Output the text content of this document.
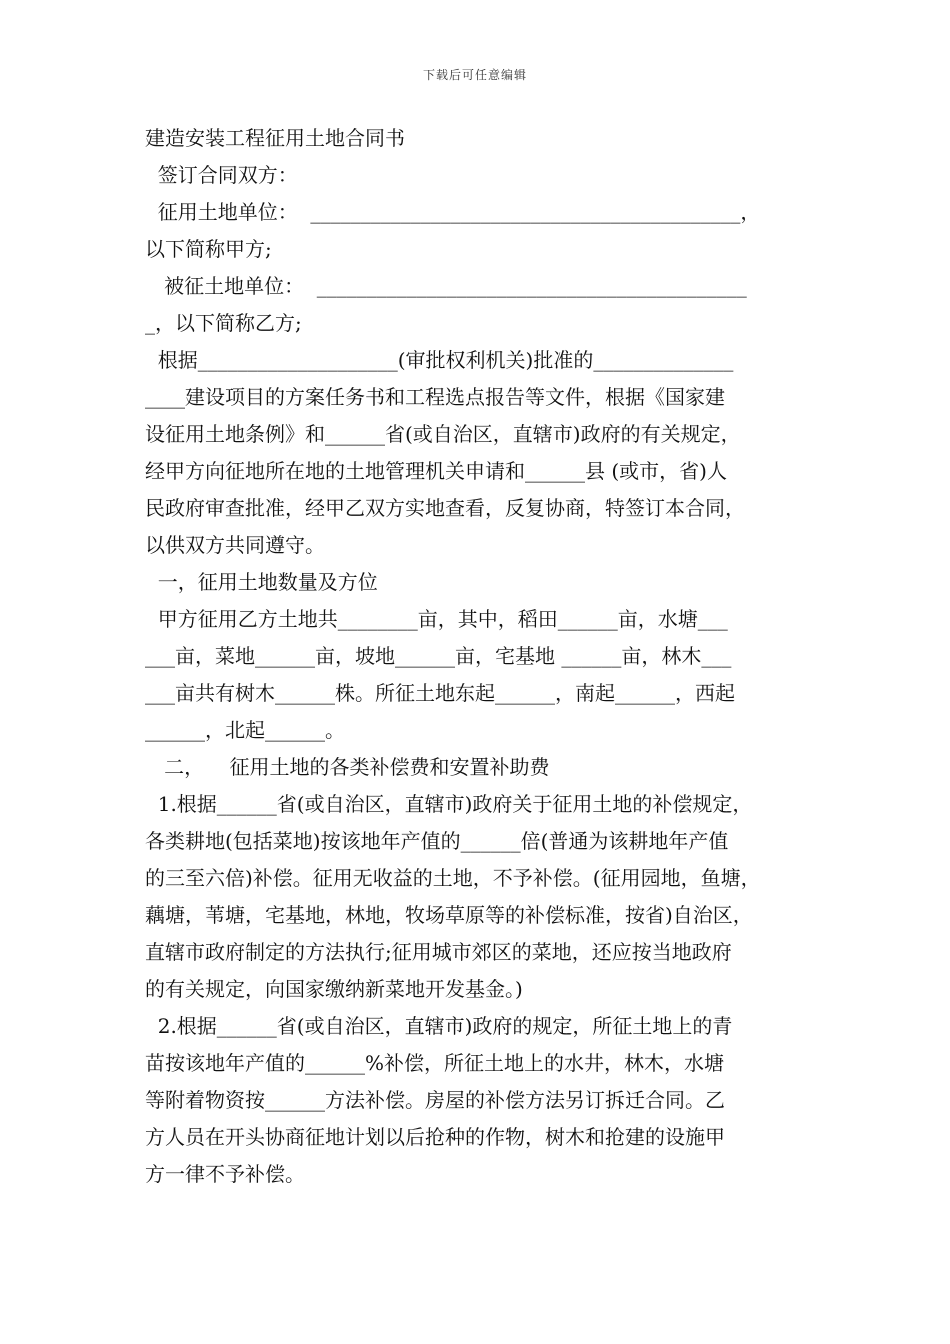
下载后可任意编辑
建造安装工程征用土地合同书
签订合同双方：
征用土地单位：  ___________________________________________，
以下简称甲方;
被征土地单位：  ___________________________________________
_，以下简称乙方;
根据____________________(审批权利机关)批准的______________
____建设项目的方案任务书和工程选点报告等文件，根据《国家建
设征用土地条例》和______省(或自治区，直辖市)政府的有关规定，
经甲方向征地所在地的土地管理机关申请和______县 (或市，省)人
民政府审查批准，经甲乙双方实地查看，反复协商，特签订本合同，
以供双方共同遵守。
一，征用土地数量及方位
甲方征用乙方土地共________亩，其中，稻田______亩，水塘___
___亩，菜地______亩，坡地______亩，宅基地 ______亩，林木___
___亩共有树木______株。所征土地东起______，南起______，西起
______，北起______。
二，    征用土地的各类补偿费和安置补助费
1.根据______省(或自治区，直辖市)政府关于征用土地的补偿规定，
各类耕地(包括菜地)按该地年产值的______倍(普通为该耕地年产值
的三至六倍)补偿。征用无收益的土地，不予补偿。(征用园地，鱼塘，
藕塘，苇塘，宅基地，林地，牧场草原等的补偿标准，按省)自治区，
直辖市政府制定的方法执行;征用城市郊区的菜地，还应按当地政府
的有关规定，向国家缴纳新菜地开发基金。)
2.根据______省(或自治区，直辖市)政府的规定，所征土地上的青
苗按该地年产值的______%补偿，所征土地上的水井，林木，水塘
等附着物资按______方法补偿。房屋的补偿方法另订拆迁合同。乙
方人员在开头协商征地计划以后抢种的作物，树木和抢建的设施甲
方一律不予补偿。
